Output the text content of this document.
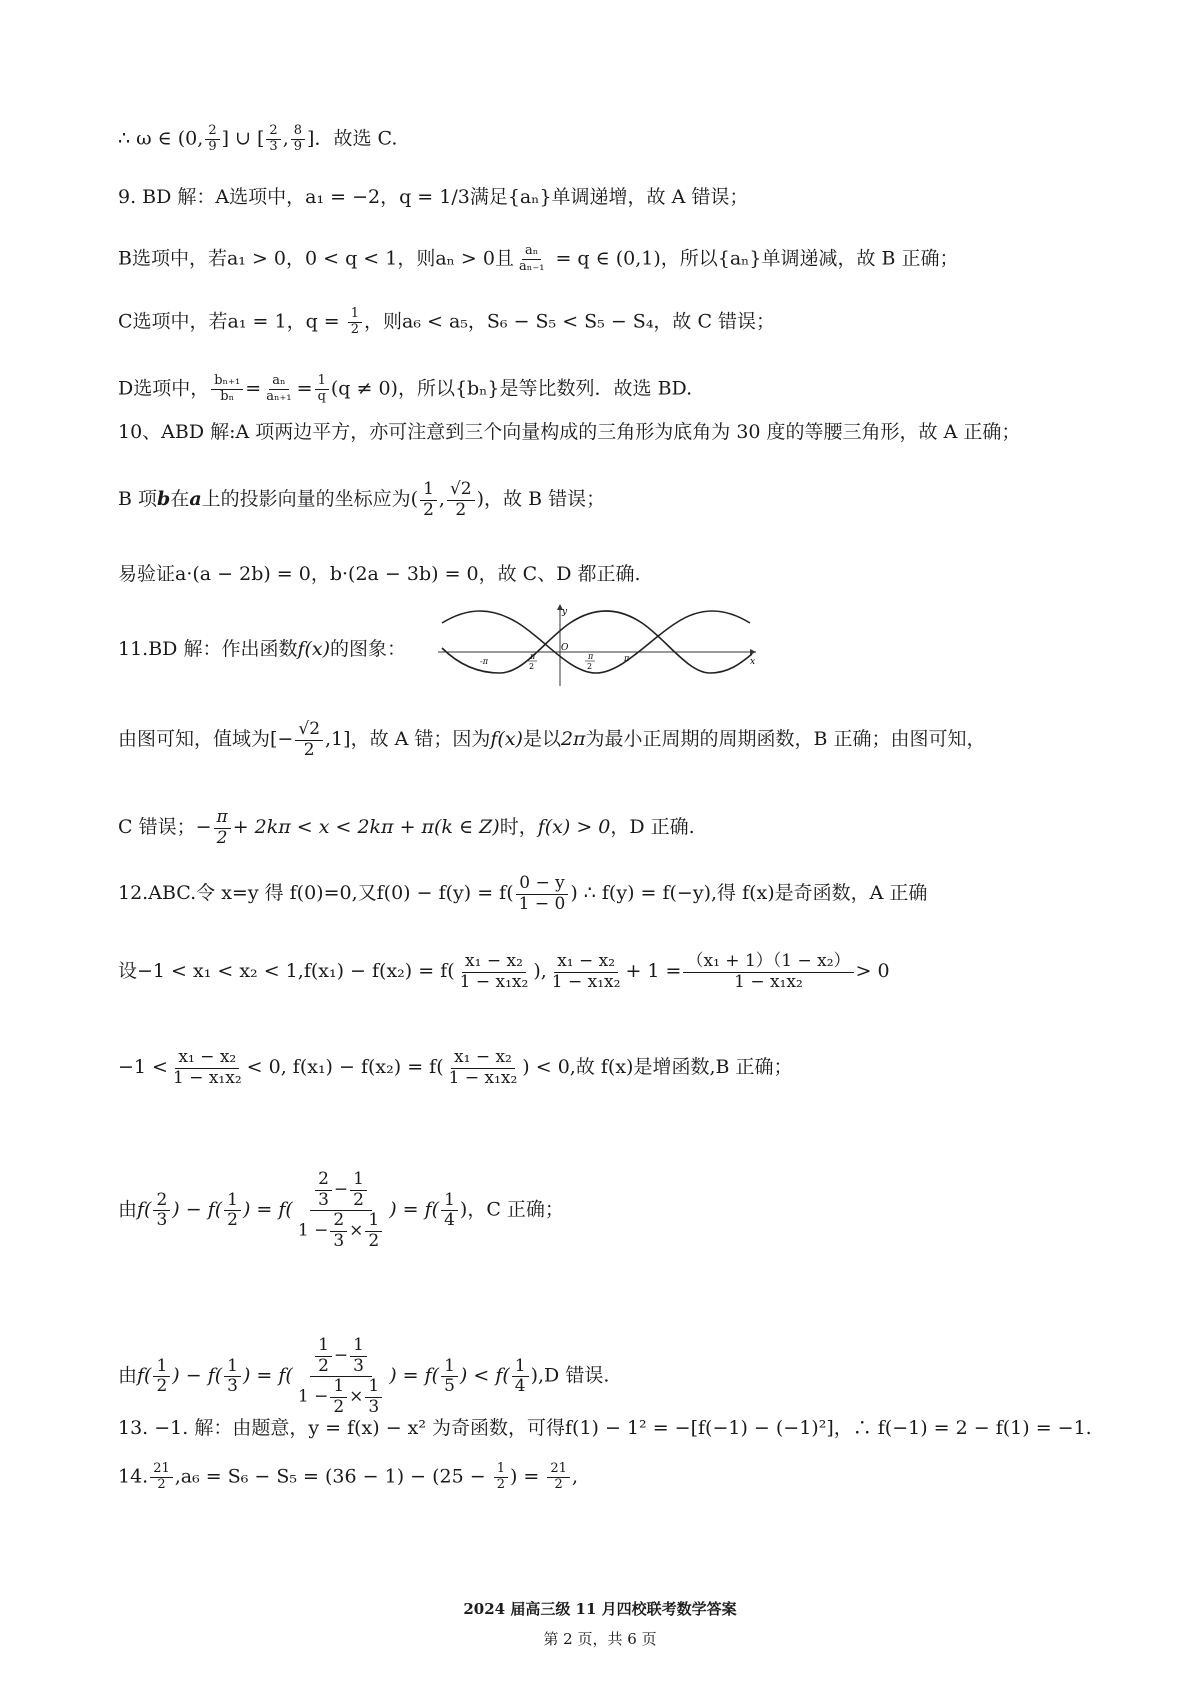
∴ ω ∈ (0, $\frac{2}{9}$ ] ∪ [ $\frac{2}{3}$ , $\frac{8}{9}$ ]．故选 C.
9. BD 解：A选项中，a₁ = −2，q = 1/3满足{aₙ}单调递增，故 A 错误；
B选项中，若a₁ > 0，0 < q < 1，则aₙ > 0且 $\frac{\text{aₙ}}{\text{aₙ₋₁}} = q$ ∈ (0,1)，所以{aₙ}单调递减，故 B 正确；
C选项中，若a₁ = 1，$q = \frac{1}{2}$ ，则a₆ < a₅，S₆ − S₅ < S₅ − S₄，故 C 错误；
D选项中， $\frac{\text{bₙ₊₁}}{\text{bₙ}} = \frac{\text{aₙ}}{\text{aₙ₊₁}} = \frac{1}{q} (q \ne 0)$，所以{bₙ}是等比数列．故选 BD.
10、ABD 解:A 项两边平方，亦可注意到三个向量构成的三角形为底角为 30 度的等腰三角形，故 A 正确；
B 项b在a上的投影向量的坐标应为( $\frac{1}{2}$ , $\frac{√2}{2}$ )，故 B 错误；
易验证a·(a − 2b) = 0，b·(2a − 3b) = 0，故 C、D 都正确.
11.BD 解：作出函数f(x)的图象：
y
x
O
-π
π
2
π
2
π
由图可知，值域为[− $\frac{√2}{2} ,1$]，故 A 错；因为f(x)是以2π为最小正周期的周期函数，B 正确；由图可知，
C 错误；− $\frac{\pi}{2} + 2k\pi < x < 2k\pi + \pi(k$ ∈ Z)时，f(x) > 0，D 正确.
12.ABC.令 x=y 得 f(0)=0,又$f(0) - f(y) = f( \frac{0 - y}{1 - 0}$ ) ∴ f(y) = f(−y),得 f(x)是奇函数，A 正确
设$-1 < x_1 < x_2 < 1,f(x_1) - f(x_2) = f( \frac{\text{x₁ − x₂}}{\text{1 − x₁x₂}}$ ), $\frac{\text{x₁ − x₂}}{\text{1 − x₁x₂}} + 1 = \frac{\text{（x₁ + 1）（1 − x₂）}}{\text{1 − x₁x₂}} > 0$
$-1 < \frac{\text{x₁ − x₂}}{\text{1 − x₁x₂}} < 0$, $f(x_1) - f(x_2) = f( \frac{\text{x₁ − x₂}}{\text{1 − x₁x₂}}$ ) < 0,故 f(x)是增函数,B 正确；
由$f( \frac{2}{3}$ ) − $f( \frac{1}{2}$ ) = $f( \frac{\frac{2}{3} - \frac{1}{2}}{1 - \frac{2}{3} \times \frac{1}{2}}$ ) = $f( \frac{1}{4}$ )，C 正确；
由$f( \frac{1}{2}$ ) − $f( \frac{1}{3}$ ) = $f( \frac{\frac{1}{2} - \frac{1}{3}}{1 - \frac{1}{2} \times \frac{1}{3}}$ ) = $f( \frac{1}{5}$ ) < $f( \frac{1}{4} ),D$ 错误.
13. −1. 解：由题意，y = f(x) − x² 为奇函数，可得f(1) − 1² = −[f(−1) − (−1)²]，∴ f(−1) = 2 − f(1) = −1.
14. $\frac{21}{2} ,a_6 = S_6 - S_5 = (36 - 1) - (25 - \frac{1}{2}$ ) = $\frac{21}{2}$ ,
2024 届高三级 11 月四校联考数学答案
第 2 页，共 6 页
